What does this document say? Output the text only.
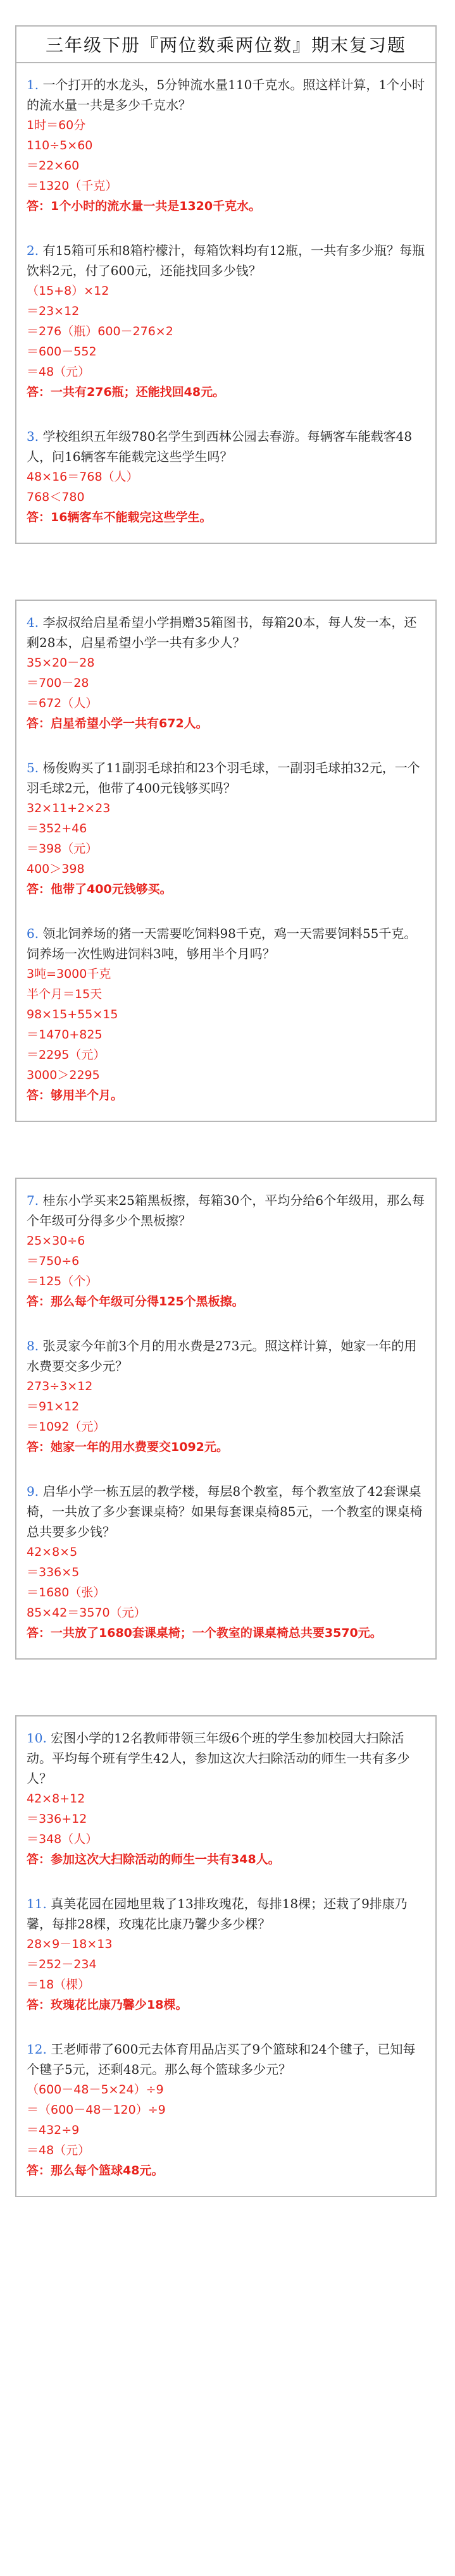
三年级下册『两位数乘两位数』期末复习题
1. 一个打开的水龙头，5分钟流水量110千克水。照这样计算，1个小时的流水量一共是多少千克水？
1时＝60分
110÷5×60
＝22×60
＝1320（千克）
答：1个小时的流水量一共是1320千克水。
2. 有15箱可乐和8箱柠檬汁，每箱饮料均有12瓶，一共有多少瓶？每瓶饮料2元，付了600元，还能找回多少钱？
（15+8）×12
＝23×12
＝276（瓶）600－276×2
＝600－552
＝48（元）
答：一共有276瓶；还能找回48元。
3. 学校组织五年级780名学生到西林公园去春游。每辆客车能载客48人，问16辆客车能载完这些学生吗？
48×16＝768（人）
768＜780
答：16辆客车不能载完这些学生。
4. 李叔叔给启星希望小学捐赠35箱图书，每箱20本，每人发一本，还剩28本，启星希望小学一共有多少人？
35×20－28
＝700－28
＝672（人）
答：启星希望小学一共有672人。
5. 杨俊购买了11副羽毛球拍和23个羽毛球，一副羽毛球拍32元，一个羽毛球2元，他带了400元钱够买吗？
32×11+2×23
＝352+46
＝398（元）
400＞398
答：他带了400元钱够买。
6. 领北饲养场的猪一天需要吃饲料98千克，鸡一天需要饲料55千克。饲养场一次性购进饲料3吨，够用半个月吗？
3吨=3000千克
半个月＝15天
98×15+55×15
＝1470+825
＝2295（元）
3000＞2295
答：够用半个月。
7. 桂东小学买来25箱黑板擦，每箱30个，平均分给6个年级用，那么每个年级可分得多少个黑板擦？
25×30÷6
＝750÷6
＝125（个）
答：那么每个年级可分得125个黑板擦。
8. 张灵家今年前3个月的用水费是273元。照这样计算，她家一年的用水费要交多少元？
273÷3×12
＝91×12
＝1092（元）
答：她家一年的用水费要交1092元。
9. 启华小学一栋五层的教学楼，每层8个教室，每个教室放了42套课桌椅，一共放了多少套课桌椅？如果每套课桌椅85元，一个教室的课桌椅总共要多少钱？
42×8×5
＝336×5
＝1680（张）
85×42＝3570（元）
答：一共放了1680套课桌椅；一个教室的课桌椅总共要3570元。
10. 宏图小学的12名教师带领三年级6个班的学生参加校园大扫除活动。平均每个班有学生42人，参加这次大扫除活动的师生一共有多少人？
42×8+12
＝336+12
＝348（人）
答：参加这次大扫除活动的师生一共有348人。
11. 真美花园在园地里栽了13排玫瑰花，每排18棵；还栽了9排康乃馨，每排28棵，玫瑰花比康乃馨少多少棵？
28×9－18×13
＝252－234
＝18（棵）
答：玫瑰花比康乃馨少18棵。
12. 王老师带了600元去体育用品店买了9个篮球和24个毽子，已知每个毽子5元，还剩48元。那么每个篮球多少元？
（600－48－5×24）÷9
＝（600－48－120）÷9
＝432÷9
＝48（元）
答：那么每个篮球48元。
